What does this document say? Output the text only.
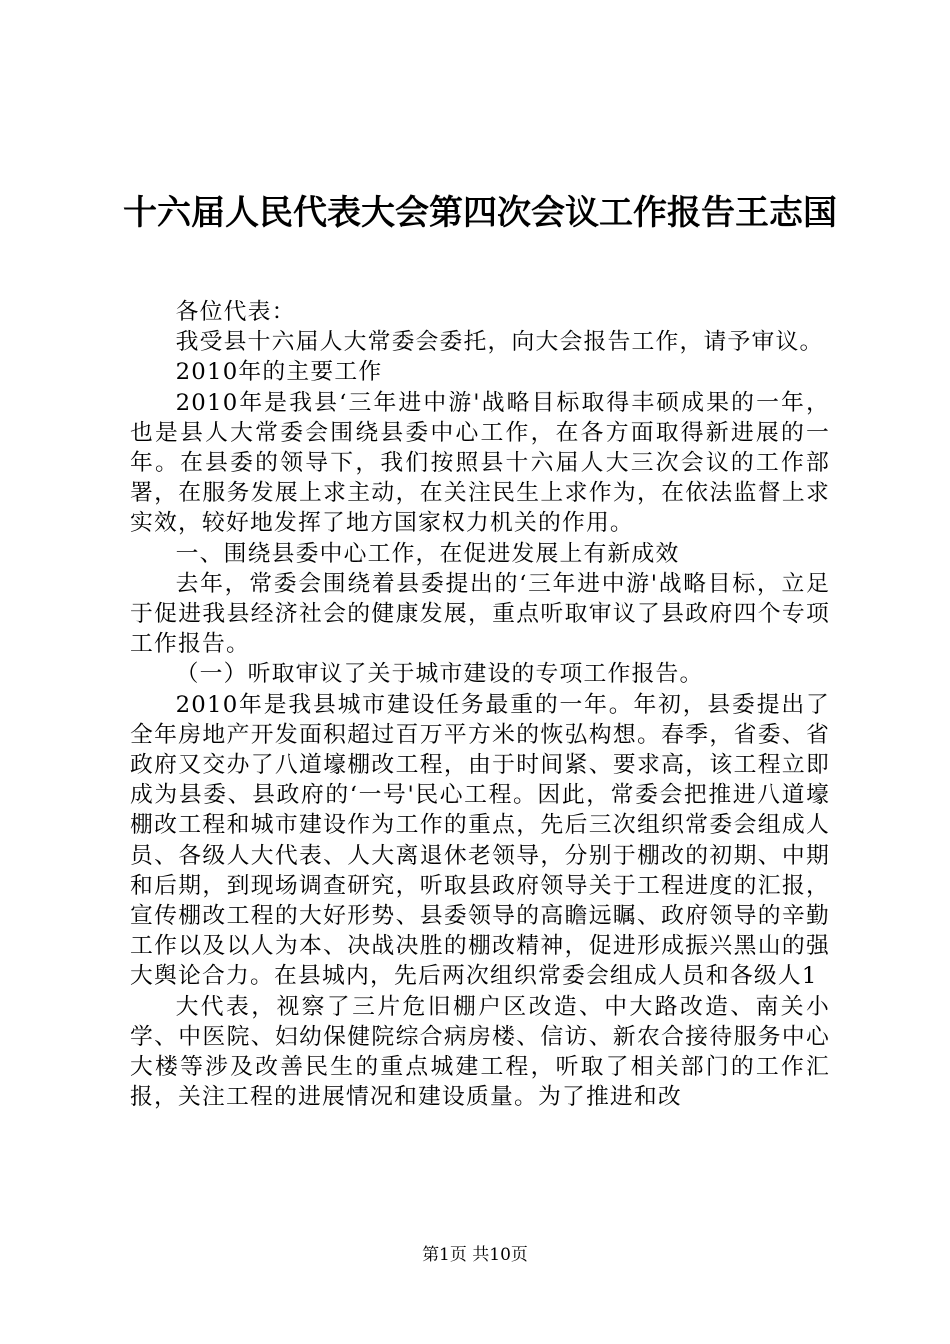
十六届人民代表大会第四次会议工作报告王志国

各位代表：

我受县十六届人大常委会委托，向大会报告工作，请予审议。

2010年的主要工作

2010年是我县‘三年进中游'战略目标取得丰硕成果的一年，也是县人大常委会围绕县委中心工作，在各方面取得新进展的一年。在县委的领导下，我们按照县十六届人大三次会议的工作部署，在服务发展上求主动，在关注民生上求作为，在依法监督上求实效，较好地发挥了地方国家权力机关的作用。

一、围绕县委中心工作，在促进发展上有新成效

去年，常委会围绕着县委提出的‘三年进中游'战略目标，立足于促进我县经济社会的健康发展，重点听取审议了县政府四个专项工作报告。

（一）听取审议了关于城市建设的专项工作报告。

2010年是我县城市建设任务最重的一年。年初，县委提出了全年房地产开发面积超过百万平方米的恢弘构想。春季，省委、省政府又交办了八道壕棚改工程，由于时间紧、要求高，该工程立即成为县委、县政府的‘一号'民心工程。因此，常委会把推进八道壕棚改工程和城市建设作为工作的重点，先后三次组织常委会组成人员、各级人大代表、人大离退休老领导，分别于棚改的初期、中期和后期，到现场调查研究，听取县政府领导关于工程进度的汇报，宣传棚改工程的大好形势、县委领导的高瞻远瞩、政府领导的辛勤工作以及以人为本、决战决胜的棚改精神，促进形成振兴黑山的强大舆论合力。在县城内，先后两次组织常委会组成人员和各级人1

大代表，视察了三片危旧棚户区改造、中大路改造、南关小学、中医院、妇幼保健院综合病房楼、信访、新农合接待服务中心大楼等涉及改善民生的重点城建工程，听取了相关部门的工作汇报，关注工程的进展情况和建设质量。为了推进和改

第1页 共10页
